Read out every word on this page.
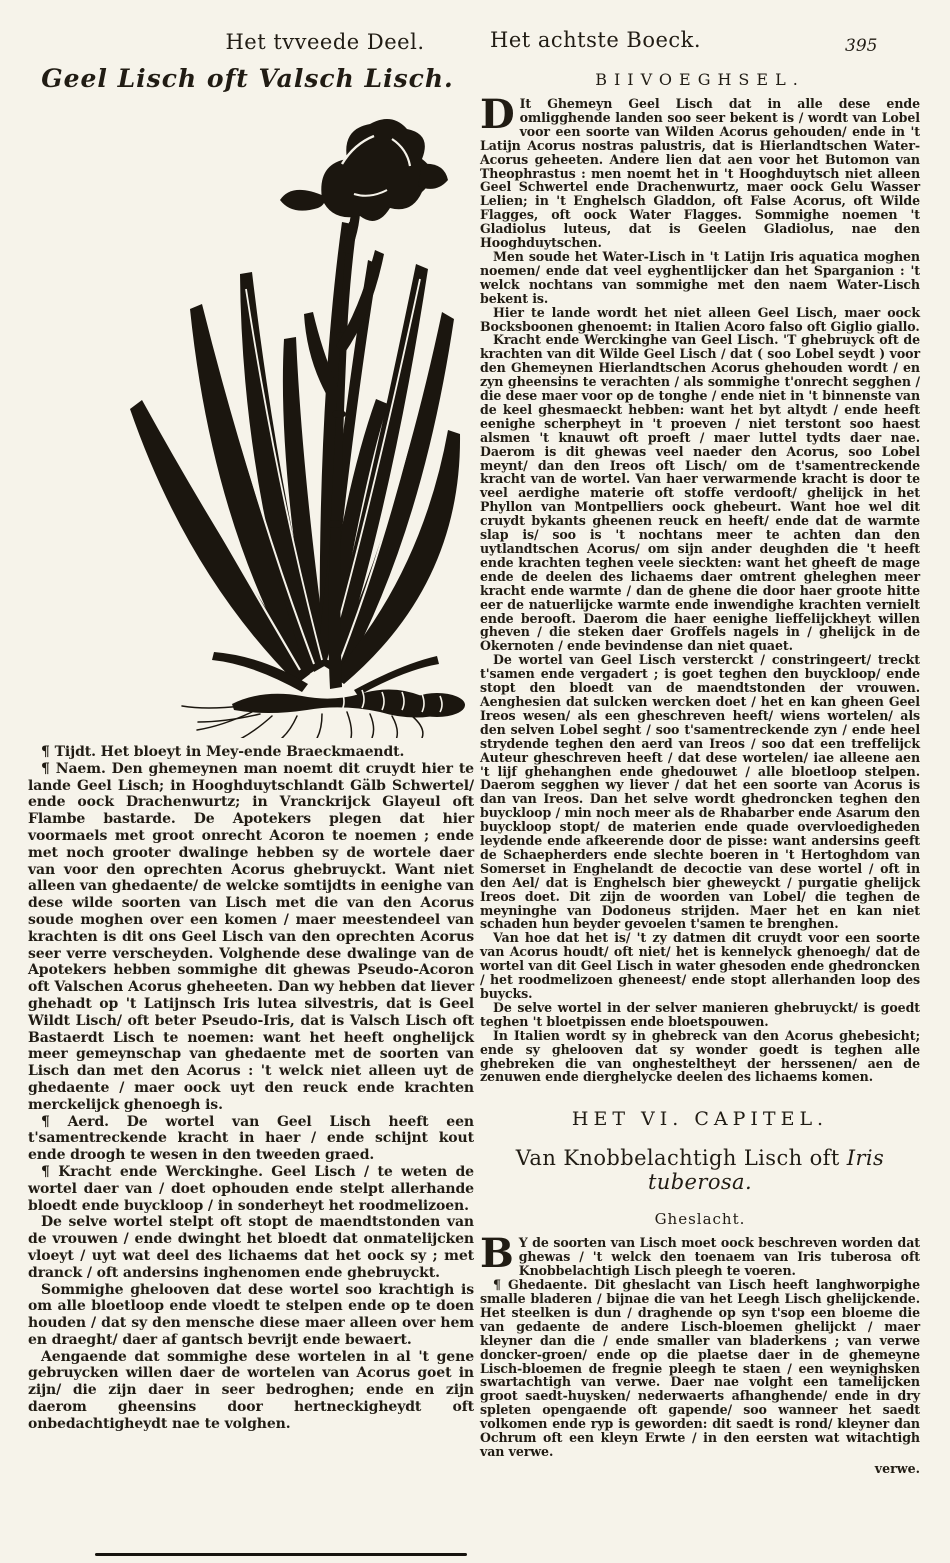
Het tvveede Deel.	Het achtste Boeck.	395
Geel Lisch oft Valsch Lisch.

¶ Tijdt. Het bloeyt in Mey-ende Braeckmaendt.

¶ Naem. Den ghemeynen man noemt dit cruydt hier te lande Geel Lisch; in Hooghduytschlandt Gälb Schwertel/ ende oock Drachenwurtz; in Vranckrijck Glayeul oft Flambe bastarde. De Apotekers plegen dat hier voormaels met groot onrecht Acoron te noemen ; ende met noch grooter dwalinge hebben sy de wortele daer van voor den oprechten Acorus ghebruyckt. Want niet alleen van ghedaente/ de welcke somtijdts in eenighe van dese wilde soorten van Lisch met die van den Acorus soude moghen over een komen / maer meestendeel van krachten is dit ons Geel Lisch van den oprechten Acorus seer verre verscheyden. Volghende dese dwalinge van de Apotekers hebben sommighe dit ghewas Pseudo-Acoron oft Valschen Acorus gheheeten. Dan wy hebben dat liever ghehadt op 't Latijnsch Iris lutea silvestris, dat is Geel Wildt Lisch/ oft beter Pseudo-Iris, dat is Valsch Lisch oft Bastaerdt Lisch te noemen: want het heeft onghelijck meer gemeynschap van ghedaente met de soorten van Lisch dan met den Acorus : 't welck niet alleen uyt de ghedaente / maer oock uyt den reuck ende krachten merckelijck ghenoegh is.

¶ Aerd. De wortel van Geel Lisch heeft een t'samentreckende kracht in haer / ende schijnt kout ende droogh te wesen in den tweeden graed.

¶ Kracht ende Werckinghe. Geel Lisch / te weten de wortel daer van / doet ophouden ende stelpt allerhande bloedt ende buyckloop / in sonderheyt het roodmelizoen.

De selve wortel stelpt oft stopt de maendtstonden van de vrouwen / ende dwinght het bloedt dat onmatelijcken vloeyt / uyt wat deel des lichaems dat het oock sy ; met dranck / oft andersins inghenomen ende ghebruyckt.

Sommighe ghelooven dat dese wortel soo krachtigh is om alle bloetloop ende vloedt te stelpen ende op te doen houden / dat sy den mensche diese maer alleen over hem en draeght/ daer af gantsch bevrijt ende bewaert.

Aengaende dat sommighe dese wortelen in al 't gene gebruycken willen daer de wortelen van Acorus goet in zijn/ die zijn daer in seer bedroghen; ende en zijn daerom gheensins door hertneckigheydt oft onbedachtigheydt nae te volghen.

BIIVOEGHSEL.

D It Ghemeyn Geel Lisch dat in alle dese ende omligghende landen soo seer bekent is / wordt van Lobel voor een soorte van Wilden Acorus gehouden/ ende in 't Latijn Acorus nostras palustris, dat is Hierlandtschen Water-Acorus geheeten. Andere lien dat aen voor het Butomon van Theophrastus : men noemt het in 't Hooghduytsch niet alleen Geel Schwertel ende Drachenwurtz, maer oock Gelu Wasser Lelien; in 't Enghelsch Gladdon, oft False Acorus, oft Wilde Flagges, oft oock Water Flagges. Sommighe noemen 't Gladiolus luteus, dat is Geelen Gladiolus, nae den Hooghduytschen.

Men soude het Water-Lisch in 't Latijn Iris aquatica moghen noemen/ ende dat veel eyghentlijcker dan het Sparganion : 't welck nochtans van sommighe met den naem Water-Lisch bekent is.

Hier te lande wordt het niet alleen Geel Lisch, maer oock Bocksboonen ghenoemt: in Italien Acoro falso oft Giglio giallo.

Kracht ende Werckinghe van Geel Lisch. 'T ghebruyck oft de krachten van dit Wilde Geel Lisch / dat ( soo Lobel seydt ) voor den Ghemeynen Hierlandtschen Acorus ghehouden wordt / en zyn gheensins te verachten / als sommighe t'onrecht segghen / die dese maer voor op de tonghe / ende niet in 't binnenste van de keel ghesmaeckt hebben: want het byt altydt / ende heeft eenighe scherpheyt in 't proeven / niet terstont soo haest alsmen 't knauwt oft proeft / maer luttel tydts daer nae. Daerom is dit ghewas veel naeder den Acorus, soo Lobel meynt/ dan den Ireos oft Lisch/ om de t'samentreckende kracht van de wortel. Van haer verwarmende kracht is door te veel aerdighe materie oft stoffe verdooft/ ghelijck in het Phyllon van Montpelliers oock ghebeurt. Want hoe wel dit cruydt bykants gheenen reuck en heeft/ ende dat de warmte slap is/ soo is 't nochtans meer te achten dan den uytlandtschen Acorus/ om sijn ander deughden die 't heeft ende krachten teghen veele sieckten: want het gheeft de mage ende de deelen des lichaems daer omtrent gheleghen meer kracht ende warmte / dan de ghene die door haer groote hitte eer de natuerlijcke warmte ende inwendighe krachten vernielt ende berooft. Daerom die haer eenighe lieffelijckheyt willen gheven / die steken daer Groffels nagels in / ghelijck in de Okernoten / ende bevindense dan niet quaet.

De wortel van Geel Lisch versterckt / constringeert/ treckt t'samen ende vergadert ; is goet teghen den buyckloop/ ende stopt den bloedt van de maendtstonden der vrouwen. Aenghesien dat sulcken wercken doet / het en kan gheen Geel Ireos wesen/ als een gheschreven heeft/ wiens wortelen/ als den selven Lobel seght / soo t'samentreckende zyn / ende heel strydende teghen den aerd van Ireos / soo dat een treffelijck Auteur gheschreven heeft / dat dese wortelen/ iae alleene aen 't lijf ghehanghen ende ghedouwet / alle bloetloop stelpen. Daerom segghen wy liever / dat het een soorte van Acorus is dan van Ireos. Dan het selve wordt ghedroncken teghen den buyckloop / min noch meer als de Rhabarber ende Asarum den buyckloop stopt/ de materien ende quade overvloedigheden leydende ende afkeerende door de pisse: want andersins geeft de Schaepherders ende slechte boeren in 't Hertoghdom van Somerset in Enghelandt de decoctie van dese wortel / oft in den Ael/ dat is Enghelsch bier gheweyckt / purgatie ghelijck Ireos doet. Dit zijn de woorden van Lobel/ die teghen de meyninghe van Dodoneus strijden. Maer het en kan niet schaden hun beyder gevoelen t'samen te brenghen.

Van hoe dat het is/ 't zy datmen dit cruydt voor een soorte van Acorus houdt/ oft niet/ het is kennelyck ghenoegh/ dat de wortel van dit Geel Lisch in water ghesoden ende ghedroncken / het roodmelizoen gheneest/ ende stopt allerhanden loop des buycks.

De selve wortel in der selver manieren ghebruyckt/ is goedt teghen 't bloetpissen ende bloetspouwen.

In Italien wordt sy in ghebreck van den Acorus ghebesicht; ende sy ghelooven dat sy wonder goedt is teghen alle ghebreken die van onghesteltheyt der herssenen/ aen de zenuwen ende dierghelycke deelen des lichaems komen.

HET VI. CAPITEL.

Van Knobbelachtigh Lisch oft Iris tuberosa.

Gheslacht.

B Y de soorten van Lisch moet oock beschreven worden dat ghewas / 't welck den toenaem van Iris tuberosa oft Knobbelachtigh Lisch pleegh te voeren.

¶ Ghedaente. Dit gheslacht van Lisch heeft langhworpighe smalle bladeren / bijnae die van het Leegh Lisch ghelijckende. Het steelken is dun / draghende op syn t'sop een bloeme die van gedaente de andere Lisch-bloemen ghelijckt / maer kleyner dan die / ende smaller van bladerkens ; van verwe doncker-groen/ ende op die plaetse daer in de ghemeyne Lisch-bloemen de fregnie pleegh te staen / een weynighsken swartachtigh van verwe. Daer nae volght een tamelijcken groot saedt-huysken/ nederwaerts afhanghende/ ende in dry spleten opengaende oft gapende/ soo wanneer het saedt volkomen ende ryp is geworden: dit saedt is rond/ kleyner dan Ochrum oft een kleyn Erwte / in den eersten wat witachtigh van verwe.

verwe.
